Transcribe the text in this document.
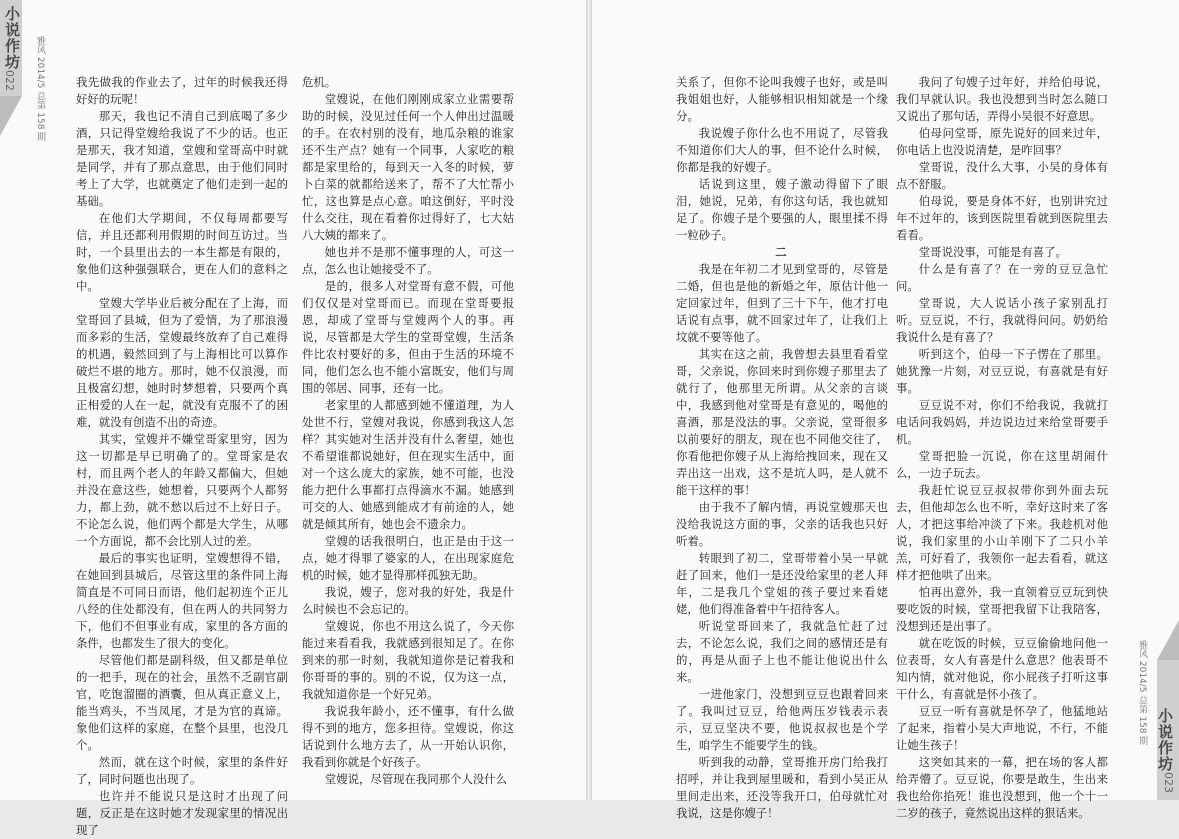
小说作坊
022 雅风 2014/5 总第 158 期	我先做我的作业去了，过年的时候我还得好好的玩呢！

那天，我也记不清自己到底喝了多少酒，只记得堂嫂给我说了不少的话。也正是那天，我才知道，堂嫂和堂哥高中时就是同学，并有了那点意思，由于他们同时考上了大学，也就奠定了他们走到一起的基础。

在他们大学期间，不仅每周都要写信，并且还都利用假期的时间互访过。当时，一个县里出去的一本生都是有限的，象他们这种强强联合，更在人们的意料之中。

堂嫂大学毕业后被分配在了上海，而堂哥回了县城，但为了爱情，为了那浪漫而多彩的生活，堂嫂最终放弃了自己难得的机遇，毅然回到了与上海相比可以算作破烂不堪的地方。那时，她不仅浪漫，而且极富幻想，她时时梦想着，只要两个真正相爱的人在一起，就没有克服不了的困难，就没有创造不出的奇迹。

其实，堂嫂并不嫌堂哥家里穷，因为这一切都是早已明确了的。堂哥家是农村，而且两个老人的年龄又都偏大，但她并没在意这些，她想着，只要两个人都努力，都上劲，就不愁以后过不上好日子。不论怎么说，他们两个都是大学生，从哪一个方面说，都不会比别人过的差。

最后的事实也证明，堂嫂想得不错，在她回到县城后，尽管这里的条件同上海简直是不可同日而语，他们起初连个正儿八经的住处都没有，但在两人的共同努力下，他们不但事业有成，家里的各方面的条件，也都发生了很大的变化。

尽管他们都是副科级，但又都是单位的一把手，现在的社会，虽然不乏副官副官，吃饱溜圈的酒囊，但从真正意义上，能当鸡头，不当凤尾，才是为官的真谛。象他们这样的家庭，在整个县里，也没几个。

然而，就在这个时候，家里的条件好了，同时问题也出现了。

也许并不能说只是这时才出现了问题，反正是在这时她才发现家里的情况出现了

危机。

堂嫂说，在他们刚刚成家立业需要帮助的时候，没见过任何一个人伸出过温暖的手。在农村别的没有，地瓜杂粮的谁家还不生产点？她有一个同事，人家吃的粮都是家里给的，每到天一入冬的时候，萝卜白菜的就都给送来了，帮不了大忙帮小忙，这也算是点心意。咱这倒好，平时没什么交往，现在看着你过得好了，七大姑八大姨的都来了。

她也并不是那不懂事理的人，可这一点，怎么也让她接受不了。

是的，很多人对堂哥有意不假，可他们仅仅是对堂哥而已。而现在堂哥要报恩，却成了堂哥与堂嫂两个人的事。再说，尽管都是大学生的堂哥堂嫂，生活条件比农村要好的多，但由于生活的环境不同，他们怎么也不能小富既安，他们与周围的邻居、同事，还有一比。

老家里的人都感到她不懂道理，为人处世不行，堂嫂对我说，你感到我这人怎样？其实她对生活并没有什么奢望，她也不希望谁都说她好，但在现实生活中，面对一个这么庞大的家族，她不可能，也没能力把什么事都打点得滴水不漏。她感到可交的人、她感到能成才有前途的人，她就是倾其所有，她也会不遗余力。

堂嫂的话我很明白，也正是由于这一点，她才得罪了婆家的人，在出现家庭危机的时候，她才显得那样孤独无助。

我说，嫂子，您对我的好处，我是什么时候也不会忘记的。

堂嫂说，你也不用这么说了，今天你能过来看看我，我就感到很知足了。在你到来的那一时刻，我就知道你是记着我和你哥哥的事的。别的不说，仅为这一点，我就知道你是一个好兄弟。

我说我年龄小，还不懂事，有什么做得不到的地方，您多担待。堂嫂说，你这话说到什么地方去了，从一开始认识你，我看到你就是个好孩子。

堂嫂说，尽管现在我同那个人没什么

小说作坊
023
雅风 2014/5 总第 158 期

关系了，但你不论叫我嫂子也好，或是叫我姐姐也好，人能够相识相知就是一个缘分。

我说嫂子你什么也不用说了，尽管我不知道你们大人的事，但不论什么时候，你都是我的好嫂子。

话说到这里，嫂子激动得留下了眼泪，她说，兄弟，有你这句话，我也就知足了。你嫂子是个要强的人，眼里揉不得一粒砂子。

二

我是在年初二才见到堂哥的，尽管是二婚，但也是他的新婚之年，原估计他一定回家过年，但到了三十下午，他才打电话说有点事，就不回家过年了，让我们上坟就不要等他了。

其实在这之前，我曾想去县里看看堂哥，父亲说，你回来时到你嫂子那里去了就行了，他那里无所谓。从父亲的言谈中，我感到他对堂哥是有意见的，喝他的喜酒，那是没法的事。父亲说，堂哥很多以前要好的朋友，现在也不同他交往了，你看他把你嫂子从上海给拽回来，现在又弄出这一出戏，这不是坑人吗，是人就不能干这样的事！

由于我不了解内情，再说堂嫂那天也没给我说这方面的事，父亲的话我也只好听着。

转眼到了初二，堂哥带着小吴一早就赶了回来，他们一是还没给家里的老人拜年，二是我几个堂姐的孩子要过来看姥姥，他们得准备着中午招待客人。

听说堂哥回来了，我就急忙赶了过去，不论怎么说，我们之间的感情还是有的，再是从面子上也不能让他说出什么来。

一进他家门，没想到豆豆也跟着回来了。我叫过豆豆，给他两压岁钱表示表示，豆豆坚决不要，他说叔叔也是个学生，咱学生不能要学生的钱。

听到我的动静，堂哥推开房门给我打招呼，并让我到屋里暖和，看到小吴正从里间走出来，还没等我开口，伯母就忙对我说，这是你嫂子！

我问了句嫂子过年好，并给伯母说，我们早就认识。我也没想到当时怎么随口又说出了那句话，弄得小吴很不好意思。

伯母问堂哥，原先说好的回来过年，你电话上也没说清楚，是咋回事？

堂哥说，没什么大事，小吴的身体有点不舒服。

伯母说，要是身体不好，也别讲究过年不过年的，该到医院里看就到医院里去看看。

堂哥说没事，可能是有喜了。

什么是有喜了？在一旁的豆豆急忙问。

堂哥说，大人说话小孩子家别乱打听。豆豆说，不行，我就得问问。奶奶给我说什么是有喜了？

听到这个，伯母一下子愣在了那里。她犹豫一片刻，对豆豆说，有喜就是有好事。

豆豆说不对，你们不给我说，我就打电话问我妈妈，并边说边过来给堂哥要手机。

堂哥把脸一沉说，你在这里胡闹什么，一边子玩去。

我赶忙说豆豆叔叔带你到外面去玩去，但他却怎么也不听，幸好这时来了客人，才把这事给冲淡了下来。我趁机对他说，我们家里的小山羊刚下了二只小羊羔，可好看了，我领你一起去看看，就这样才把他哄了出来。

怕再出意外，我一直领着豆豆玩到快要吃饭的时候，堂哥把我留下让我陪客，没想到还是出事了。

就在吃饭的时候，豆豆偷偷地问他一位表哥，女人有喜是什么意思？他表哥不知内情，就对他说，你小屁孩子打听这事干什么，有喜就是怀小孩了。

豆豆一听有喜就是怀孕了，他猛地站了起来，指着小吴大声地说，不行，不能让她生孩子！

这突如其来的一幕，把在场的客人都给弄懵了。豆豆说，你要是敢生，生出来我也给你掐死！谁也没想到，他一个十一二岁的孩子，竟然说出这样的狠话来。
